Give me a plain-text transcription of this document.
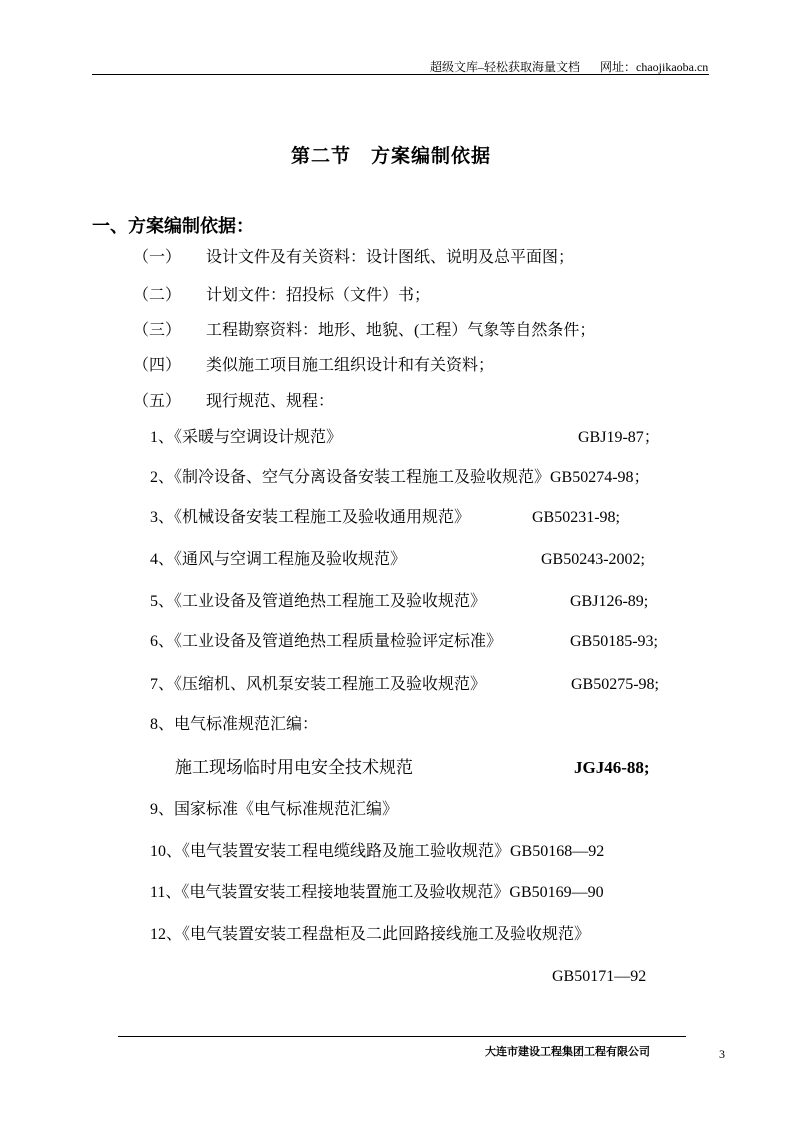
超级文库–轻松获取海量文档 网址：chaojikaoba.cn
第二节　方案编制依据
一、方案编制依据：
（一） 设计文件及有关资料：设计图纸、说明及总平面图；
（二） 计划文件：招投标（文件）书；
（三） 工程勘察资料：地形、地貌、(工程）气象等自然条件；
（四） 类似施工项目施工组织设计和有关资料；
（五） 现行规范、规程：
1、《采暖与空调设计规范》	GBJ19-87；
2、《制冷设备、空气分离设备安装工程施工及验收规范》GB50274-98；
3、《机械设备安装工程施工及验收通用规范》	GB50231-98;
4、《通风与空调工程施及验收规范》	GB50243-2002;
5、《工业设备及管道绝热工程施工及验收规范》	GBJ126-89;
6、《工业设备及管道绝热工程质量检验评定标准》	GB50185-93;
7、《压缩机、风机泵安装工程施工及验收规范》	GB50275-98;
8、电气标准规范汇编：
施工现场临时用电安全技术规范	JGJ46-88;
9、国家标准《电气标准规范汇编》
10、《电气装置安装工程电缆线路及施工验收规范》GB50168—92
11、《电气装置安装工程接地装置施工及验收规范》GB50169—90
12、《电气装置安装工程盘柜及二此回路接线施工及验收规范》
GB50171—92
大连市建设工程集团工程有限公司	3
